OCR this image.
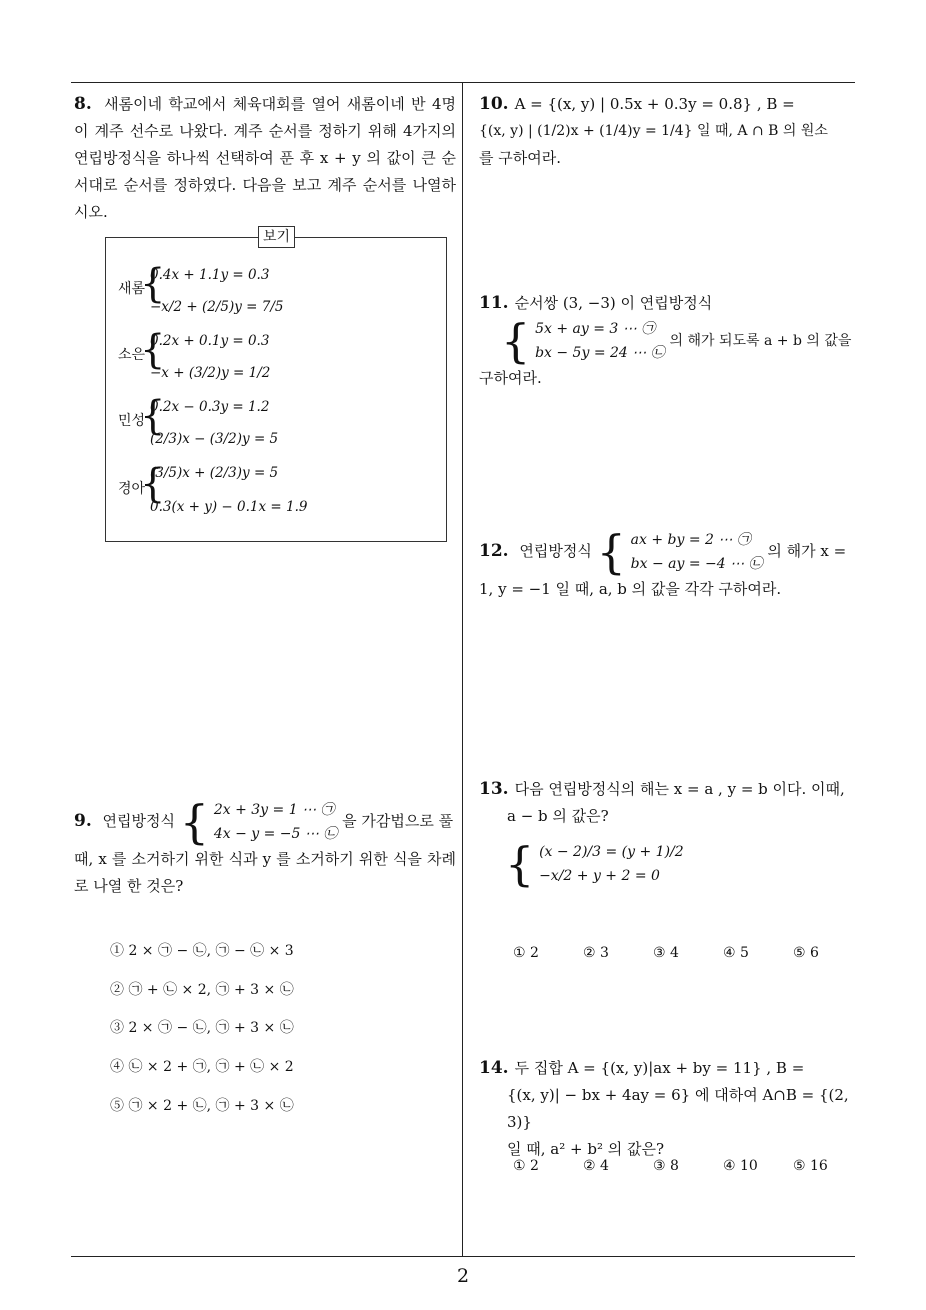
8. 새롬이네 학교에서 체육대회를 열어 새롬이네 반 4명이 계주 선수로 나왔다. 계주 순서를 정하기 위해 4가지의 연립방정식을 하나씩 선택하여 푼 후 x + y 의 값이 큰 순서대로 순서를 정하였다. 다음을 보고 계주 순서를 나열하시오.
보기
새롬
{
0.4x + 1.1y = 0.3
−x/2 + (2/5)y = 7/5
소은
{
0.2x + 0.1y = 0.3
−x + (3/2)y = 1/2
민성
{
0.2x − 0.3y = 1.2
(2/3)x − (3/2)y = 5
경아
{
(3/5)x + (2/3)y = 5
0.3(x + y) − 0.1x = 1.9
9. 연립방정식 { 2x + 3y = 1 ⋯ ㉠
4x − y = −5 ⋯ ㉡ 을 가감법으로 풀
때, x 를 소거하기 위한 식과 y 를 소거하기 위한 식을 차례로 나열 한 것은?
① 2 × ㉠ − ㉡, ㉠ − ㉡ × 3
② ㉠ + ㉡ × 2, ㉠ + 3 × ㉡
③ 2 × ㉠ − ㉡, ㉠ + 3 × ㉡
④ ㉡ × 2 + ㉠, ㉠ + ㉡ × 2
⑤ ㉠ × 2 + ㉡, ㉠ + 3 × ㉡
10. A = {(x, y) | 0.5x + 0.3y = 0.8} , B =
{(x, y) | (1/2)x + (1/4)y = 1/4} 일 때, A ∩ B 의 원소
를 구하여라.
11. 순서쌍 (3, −3) 이 연립방정식
{ 5x + ay = 3 ⋯ ㉠
bx − 5y = 24 ⋯ ㉡ 의 해가 되도록 a + b 의 값을
구하여라.
12. 연립방정식 { ax + by = 2 ⋯ ㉠
bx − ay = −4 ⋯ ㉡ 의 해가 x =
1, y = −1 일 때, a, b 의 값을 각각 구하여라.
13. 다음 연립방정식의 해는 x = a , y = b 이다. 이때,
a − b 의 값은?
{ (x − 2)/3 = (y + 1)/2
−x/2 + y + 2 = 0
① 2	② 3	③ 4	④ 5	⑤ 6
14. 두 집합 A = {(x, y)|ax + by = 11} , B =
{(x, y)| − bx + 4ay = 6} 에 대하여 A∩B = {(2, 3)}
일 때, a² + b² 의 값은?
① 2	② 4	③ 8	④ 10	⑤ 16
2
